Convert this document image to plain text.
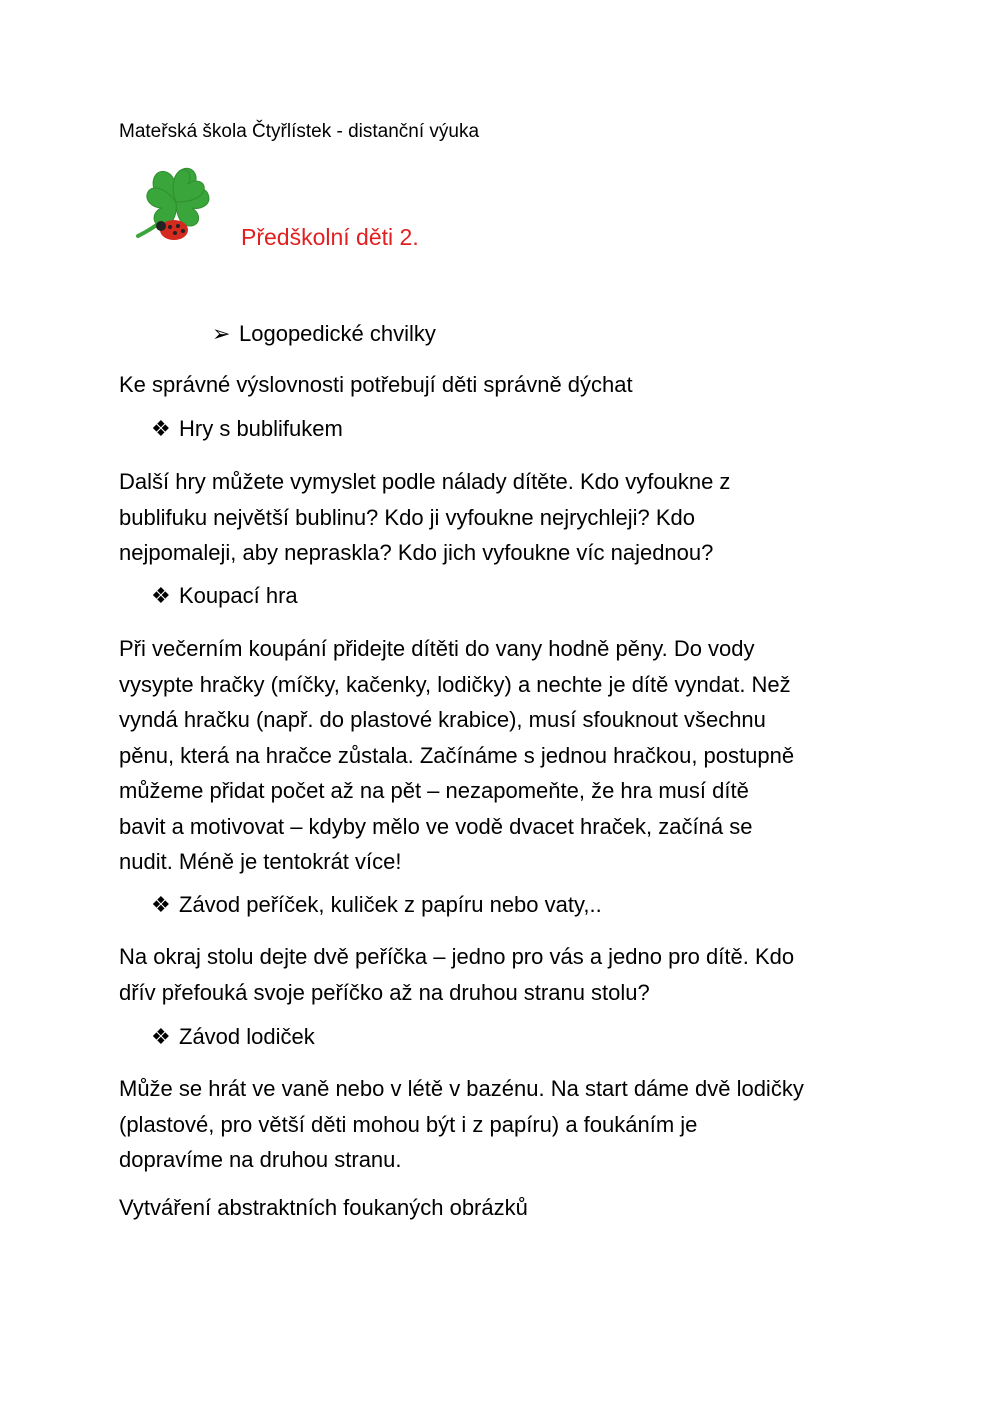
Mateřská škola Čtyřlístek - distanční výuka
Předškolní děti 2.
➢ Logopedické chvilky
Ke správné výslovnosti potřebují děti správně dýchat
❖ Hry s bublifukem
Další hry můžete vymyslet podle nálady dítěte. Kdo vyfoukne z
bublifuku největší bublinu? Kdo ji vyfoukne nejrychleji? Kdo
nejpomaleji, aby nepraskla? Kdo jich vyfoukne víc najednou?
❖ Koupací hra
Při večerním koupání přidejte dítěti do vany hodně pěny. Do vody
vysypte hračky (míčky, kačenky, lodičky) a nechte je dítě vyndat. Než
vyndá hračku (např. do plastové krabice), musí sfouknout všechnu
pěnu, která na hračce zůstala. Začínáme s jednou hračkou, postupně
můžeme přidat počet až na pět – nezapomeňte, že hra musí dítě
bavit a motivovat – kdyby mělo ve vodě dvacet hraček, začíná se
nudit. Méně je tentokrát více!
❖ Závod peříček, kuliček z papíru nebo vaty,..
Na okraj stolu dejte dvě peříčka – jedno pro vás a jedno pro dítě. Kdo
dřív přefouká svoje peříčko až na druhou stranu stolu?
❖ Závod lodiček
Může se hrát ve vaně nebo v létě v bazénu. Na start dáme dvě lodičky
(plastové, pro větší děti mohou být i z papíru) a foukáním je
dopravíme na druhou stranu.
Vytváření abstraktních foukaných obrázků
